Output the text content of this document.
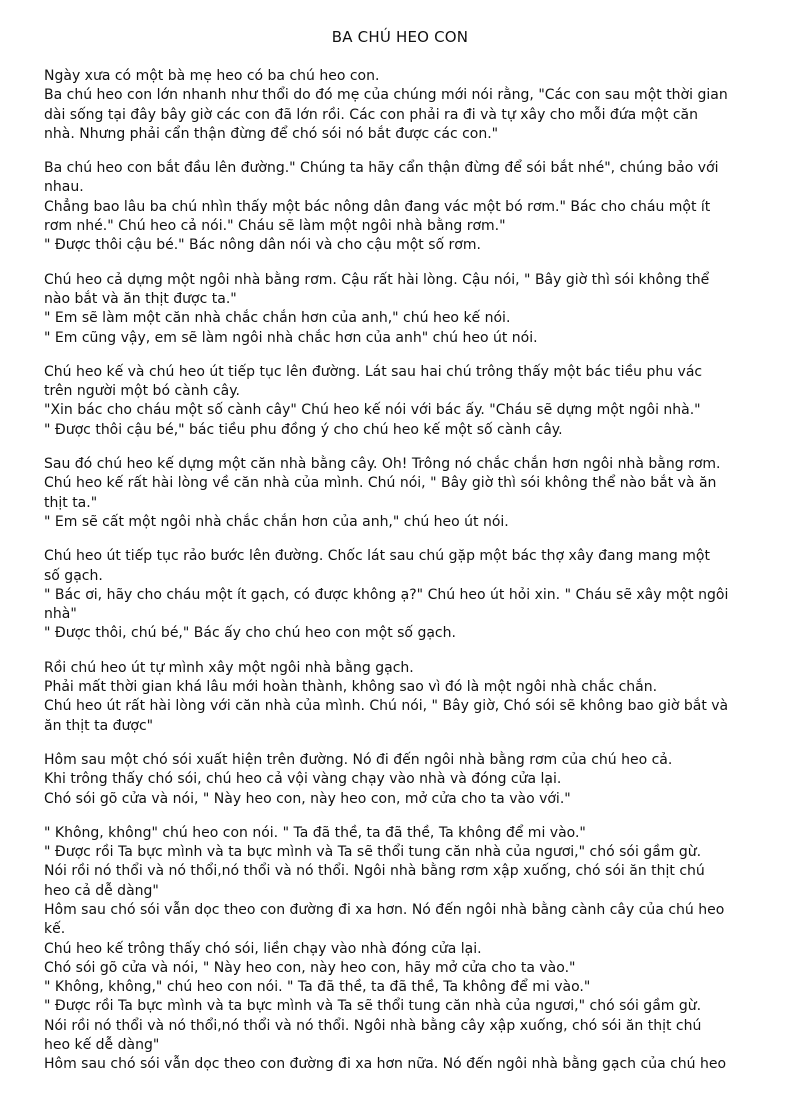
BA CHÚ HEO CON
Ngày xưa có một bà mẹ heo có ba chú heo con.
Ba chú heo con lớn nhanh như thổi do đó mẹ của chúng mới nói rằng, "Các con sau một thời gian
dài sống tại đây bây giờ các con đã lớn rồi. Các con phải ra đi và tự xây cho mỗi đứa một căn
nhà. Nhưng phải cẩn thận đừng để chó sói nó bắt được các con."
Ba chú heo con bắt đầu lên đường." Chúng ta hãy cẩn thận đừng để sói bắt nhé", chúng bảo với
nhau.
Chẳng bao lâu ba chú nhìn thấy một bác nông dân đang vác một bó rơm." Bác cho cháu một ít
rơm nhé." Chú heo cả nói." Cháu sẽ làm một ngôi nhà bằng rơm."
" Được thôi cậu bé." Bác nông dân nói và cho cậu một số rơm.
Chú heo cả dựng một ngôi nhà bằng rơm. Cậu rất hài lòng. Cậu nói, " Bây giờ thì sói không thể
nào bắt và ăn thịt được ta."
" Em sẽ làm một căn nhà chắc chắn hơn của anh," chú heo kế nói.
" Em cũng vậy, em sẽ làm ngôi nhà chắc hơn của anh" chú heo út nói.
Chú heo kế và chú heo út tiếp tục lên đường. Lát sau hai chú trông thấy một bác tiều phu vác
trên người một bó cành cây.
"Xin bác cho cháu một số cành cây" Chú heo kế nói với bác ấy. "Cháu sẽ dựng một ngôi nhà."
" Được thôi cậu bé," bác tiều phu đồng ý cho chú heo kế một số cành cây.
Sau đó chú heo kế dựng một căn nhà bằng cây. Oh! Trông nó chắc chắn hơn ngôi nhà bằng rơm.
Chú heo kế rất hài lòng về căn nhà của mình. Chú nói, " Bây giờ thì sói không thể nào bắt và ăn
thịt ta."
" Em sẽ cất một ngôi nhà chắc chắn hơn của anh," chú heo út nói.
Chú heo út tiếp tục rảo bước lên đường. Chốc lát sau chú gặp một bác thợ xây đang mang một
số gạch.
" Bác ơi, hãy cho cháu một ít gạch, có được không ạ?" Chú heo út hỏi xin. " Cháu sẽ xây một ngôi
nhà"
" Được thôi, chú bé," Bác ấy cho chú heo con một số gạch.
Rồi chú heo út tự mình xây một ngôi nhà bằng gạch.
Phải mất thời gian khá lâu mới hoàn thành, không sao vì đó là một ngôi nhà chắc chắn.
Chú heo út rất hài lòng với căn nhà của mình. Chú nói, " Bây giờ, Chó sói sẽ không bao giờ bắt và
ăn thịt ta được"
Hôm sau một chó sói xuất hiện trên đường. Nó đi đến ngôi nhà bằng rơm của chú heo cả.
Khi trông thấy chó sói, chú heo cả vội vàng chạy vào nhà và đóng cửa lại.
Chó sói gõ cửa và nói, " Này heo con, này heo con, mở cửa cho ta vào với."
" Không, không" chú heo con nói. " Ta đã thề, ta đã thề, Ta không để mi vào."
" Được rồi Ta bực mình và ta bực mình và Ta sẽ thổi tung căn nhà của ngươi," chó sói gầm gừ.
Nói rồi nó thổi và nó thổi,nó thổi và nó thổi. Ngôi nhà bằng rơm xập xuống, chó sói ăn thịt chú
heo cả dễ dàng"
Hôm sau chó sói vẫn dọc theo con đường đi xa hơn. Nó đến ngôi nhà bằng cành cây của chú heo
kế.
Chú heo kế trông thấy chó sói, liền chạy vào nhà đóng cửa lại.
Chó sói gõ cửa và nói, " Này heo con, này heo con, hãy mở cửa cho ta vào."
" Không, không," chú heo con nói. " Ta đã thề, ta đã thề, Ta không để mi vào."
" Được rồi Ta bực mình và ta bực mình và Ta sẽ thổi tung căn nhà của ngươi," chó sói gầm gừ.
Nói rồi nó thổi và nó thổi,nó thổi và nó thổi. Ngôi nhà bằng cây xập xuống, chó sói ăn thịt chú
heo kế dễ dàng"
Hôm sau chó sói vẫn dọc theo con đường đi xa hơn nữa. Nó đến ngôi nhà bằng gạch của chú heo
